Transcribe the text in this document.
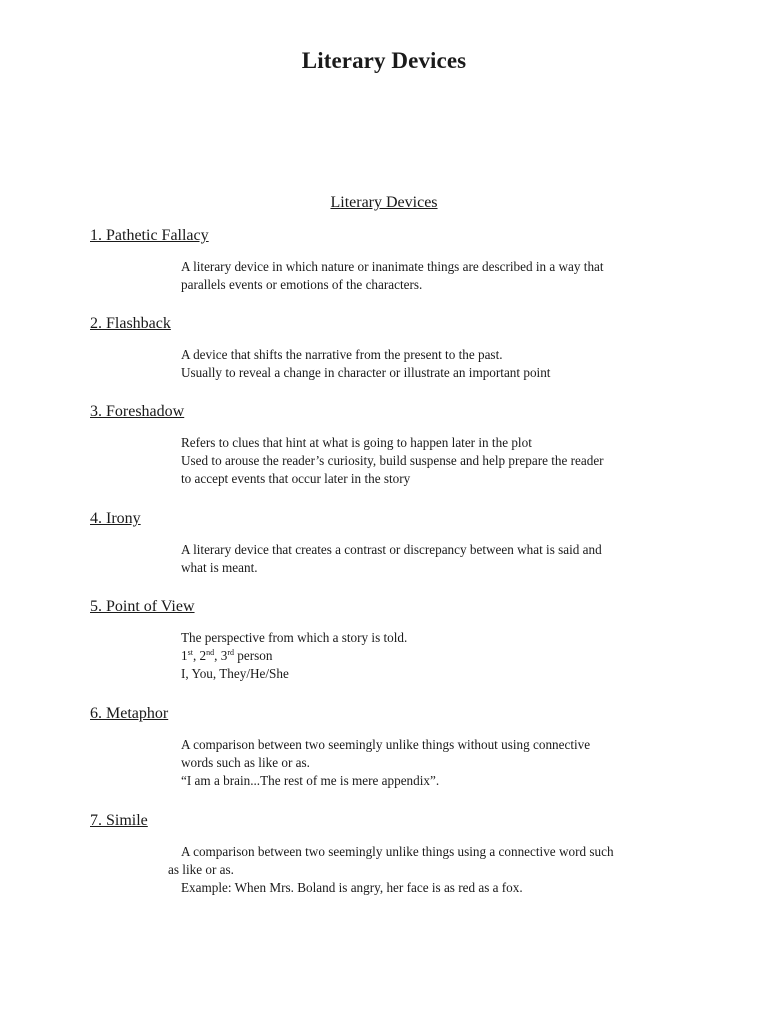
Literary Devices
Literary Devices
1. Pathetic Fallacy
A literary device in which nature or inanimate things are described in a way that
parallels events or emotions of the characters.
2. Flashback
A device that shifts the narrative from the present to the past.
Usually to reveal a change in character or illustrate an important point
3. Foreshadow
Refers to clues that hint at what is going to happen later in the plot
Used to arouse the reader’s curiosity, build suspense and help prepare the reader
to accept events that occur later in the story
4. Irony
A literary device that creates a contrast or discrepancy between what is said and
what is meant.
5. Point of View
The perspective from which a story is told.
1st, 2nd, 3rd person
I, You, They/He/She
6. Metaphor
A comparison between two seemingly unlike things without using connective
words such as like or as.
“I am a brain...The rest of me is mere appendix”.
7. Simile
A comparison between two seemingly unlike things using a connective word such
as like or as.
Example: When Mrs. Boland is angry, her face is as red as a fox.
